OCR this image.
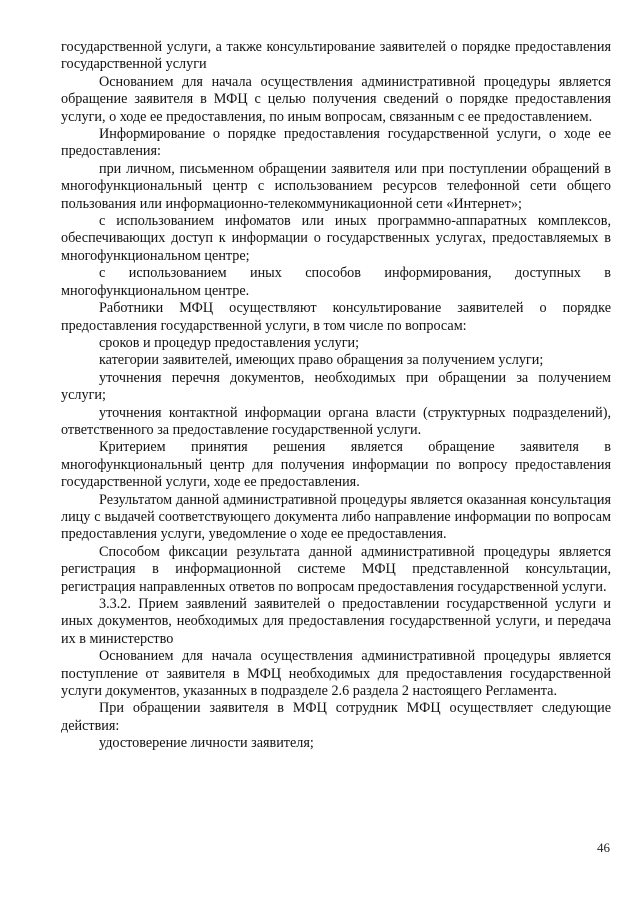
государственной услуги, а также консультирование заявителей о порядке предоставления государственной услуги

Основанием для начала осуществления административной процедуры является обращение заявителя в МФЦ с целью получения сведений о порядке предоставления услуги, о ходе ее предоставления, по иным вопросам, связанным с ее предоставлением.

Информирование о порядке предоставления государственной услуги, о ходе ее предоставления:

при личном, письменном обращении заявителя или при поступлении обращений в многофункциональный центр с использованием ресурсов телефонной сети общего пользования или информационно-телекоммуникационной сети «Интернет»;

с использованием инфоматов или иных программно-аппаратных комплексов, обеспечивающих доступ к информации о государственных услугах, предоставляемых в многофункциональном центре;

с использованием иных способов информирования, доступных в многофункциональном центре.

Работники МФЦ осуществляют консультирование заявителей о порядке предоставления государственной услуги, в том числе по вопросам:

сроков и процедур предоставления услуги;

категории заявителей, имеющих право обращения за получением услуги;

уточнения перечня документов, необходимых при обращении за получением услуги;

уточнения контактной информации органа власти (структурных подразделений), ответственного за предоставление государственной услуги.

Критерием принятия решения является обращение заявителя в многофункциональный центр для получения информации по вопросу предоставления государственной услуги, ходе ее предоставления.

Результатом данной административной процедуры является оказанная консультация лицу с выдачей соответствующего документа либо направление информации по вопросам предоставления услуги, уведомление о ходе ее предоставления.

Способом фиксации результата данной административной процедуры является регистрация в информационной системе МФЦ представленной консультации, регистрация направленных ответов по вопросам предоставления государственной услуги.

3.3.2. Прием заявлений заявителей о предоставлении государственной услуги и иных документов, необходимых для предоставления государственной услуги, и передача их в министерство

Основанием для начала осуществления административной процедуры является поступление от заявителя в МФЦ необходимых для предоставления государственной услуги документов, указанных в подразделе 2.6 раздела 2 настоящего Регламента.

При обращении заявителя в МФЦ сотрудник МФЦ осуществляет следующие действия:

удостоверение личности заявителя;

46
